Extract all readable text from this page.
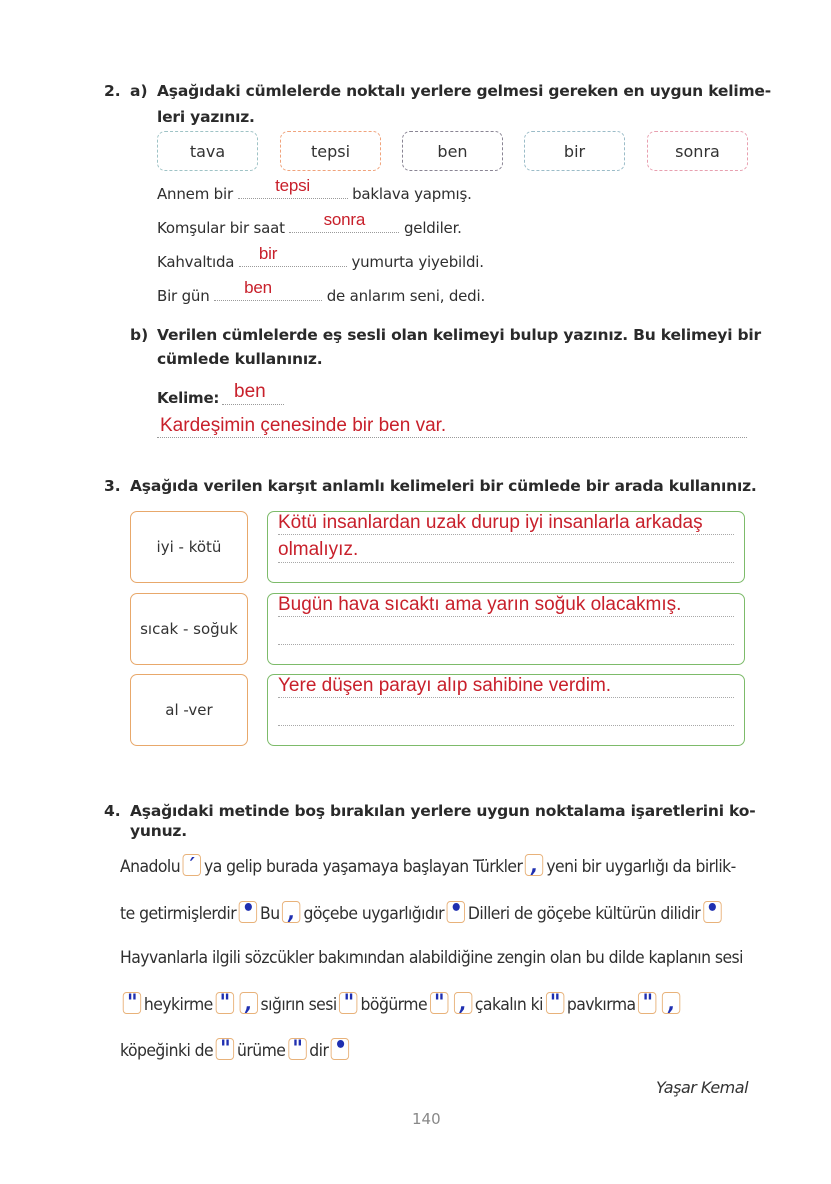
2. a) Aşağıdaki cümlelerde noktalı yerlere gelmesi gereken en uygun kelime-
leri yazınız.
tava	tepsi	ben	bir	sonra
Annem bir	tepsi	baklava yapmış.
Komşular bir saat	sonra	geldiler.
Kahvaltıda bir	yumurta yiyebildi.
Bir gün ben	de anlarım seni, dedi.
b) Verilen cümlelerde eş sesli olan kelimeyi bulup yazınız. Bu kelimeyi bir
cümlede kullanınız.
Kelime: ben
Kardeşimin çenesinde bir ben var.
3. Aşağıda verilen karşıt anlamlı kelimeleri bir cümlede bir arada kullanınız.
iyi - kötü
Kötü insanlardan uzak durup iyi insanlarla arkadaş
olmalıyız.
sıcak - soğuk
Bugün hava sıcaktı ama yarın soğuk olacakmış.
al -ver
Yere düşen parayı alıp sahibine verdim.
4. Aşağıdaki metinde boş bırakılan yerlere uygun noktalama işaretlerini ko-
yunuz.
Anadolu ′ ya gelip burada yaşamaya başlayan Türkler , yeni bir uygarlığı da birlik-
te getirmişlerdir • Bu , göçebe uygarlığıdır • Dilleri de göçebe kültürün dilidir •
Hayvanlarla ilgili sözcükler bakımından alabildiğine zengin olan bu dilde kaplanın sesi
" heykirme " , sığırın sesi " böğürme " , çakalın ki " pavkırma " ,
köpeğinki de " ürüme " dir •
Yaşar Kemal
140
